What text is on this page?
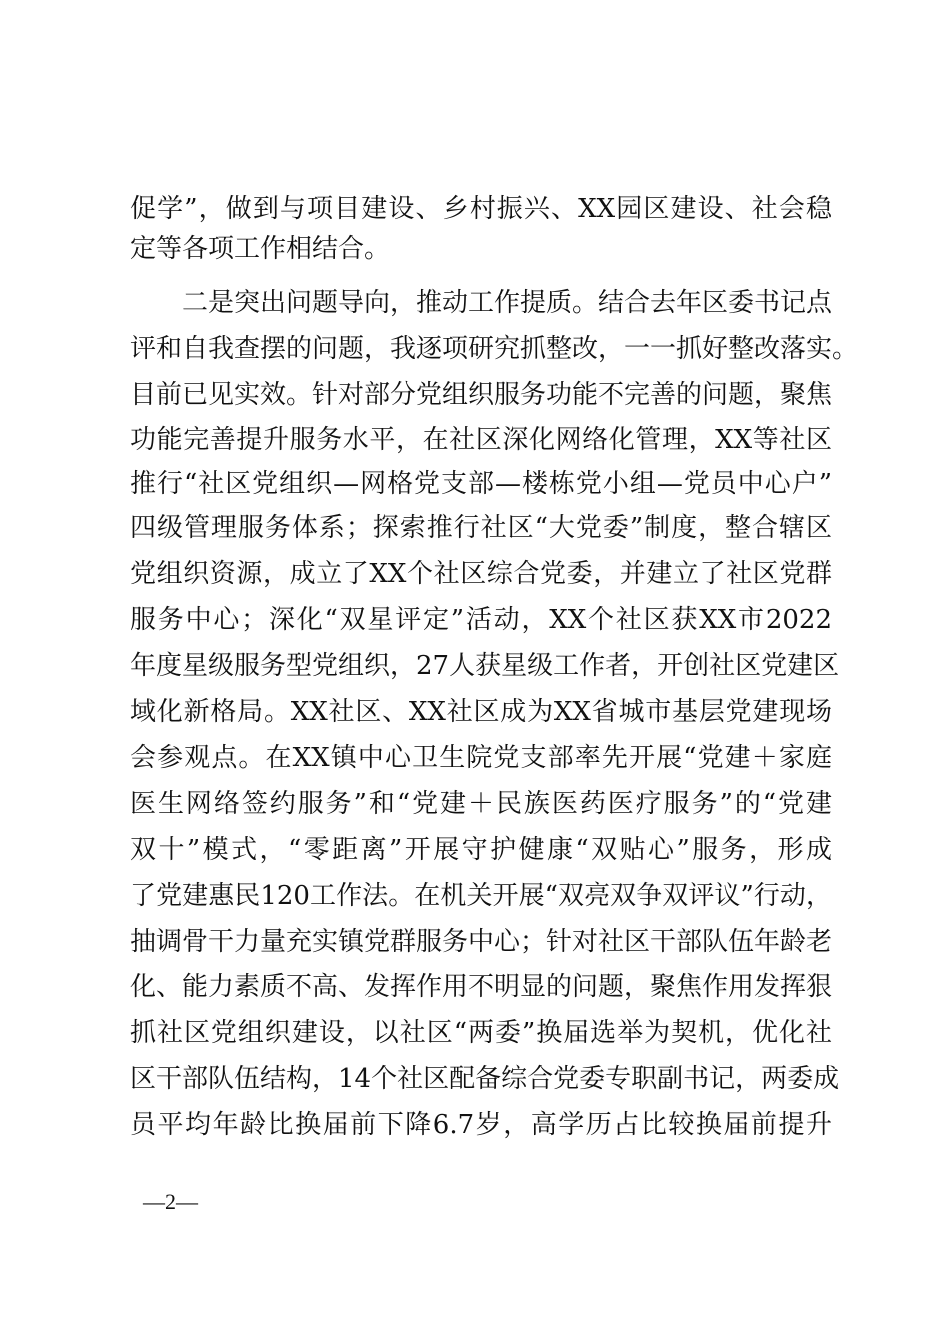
促学”，做到与项目建设、乡村振兴、XX园区建设、社会稳
定等各项工作相结合。
二是突出问题导向，推动工作提质。结合去年区委书记点
评和自我查摆的问题，我逐项研究抓整改，一一抓好整改落实。
目前已见实效。针对部分党组织服务功能不完善的问题，聚焦
功能完善提升服务水平，在社区深化网络化管理，XX等社区
推行“社区党组织—网格党支部—楼栋党小组—党员中心户”
四级管理服务体系；探索推行社区“大党委”制度，整合辖区
党组织资源，成立了XX个社区综合党委，并建立了社区党群
服务中心；深化“双星评定”活动，XX个社区获XX市2022
年度星级服务型党组织，27人获星级工作者，开创社区党建区
域化新格局。XX社区、XX社区成为XX省城市基层党建现场
会参观点。在XX镇中心卫生院党支部率先开展“党建＋家庭
医生网络签约服务”和“党建＋民族医药医疗服务”的“党建
双十”模式，“零距离”开展守护健康“双贴心”服务，形成
了党建惠民120工作法。在机关开展“双亮双争双评议”行动，
抽调骨干力量充实镇党群服务中心；针对社区干部队伍年龄老
化、能力素质不高、发挥作用不明显的问题，聚焦作用发挥狠
抓社区党组织建设，以社区“两委”换届选举为契机，优化社
区干部队伍结构，14个社区配备综合党委专职副书记，两委成
员平均年龄比换届前下降6.7岁，高学历占比较换届前提升
—2—
